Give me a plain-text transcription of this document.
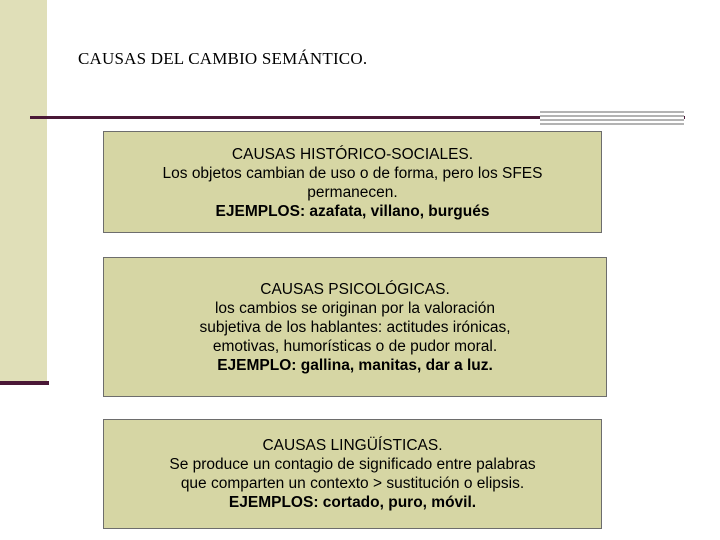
CAUSAS DEL CAMBIO SEMÁNTICO.
CAUSAS HISTÓRICO-SOCIALES.
Los objetos cambian de uso o de forma, pero los SFES
permanecen.
EJEMPLOS: azafata, villano, burgués
CAUSAS PSICOLÓGICAS.
los cambios se originan por la valoración
subjetiva de los hablantes: actitudes irónicas,
emotivas, humorísticas o de pudor moral.
EJEMPLO: gallina, manitas, dar a luz.
CAUSAS LINGÜÍSTICAS.
Se produce un contagio de significado entre palabras
que comparten un contexto > sustitución o elipsis.
EJEMPLOS: cortado, puro, móvil.
